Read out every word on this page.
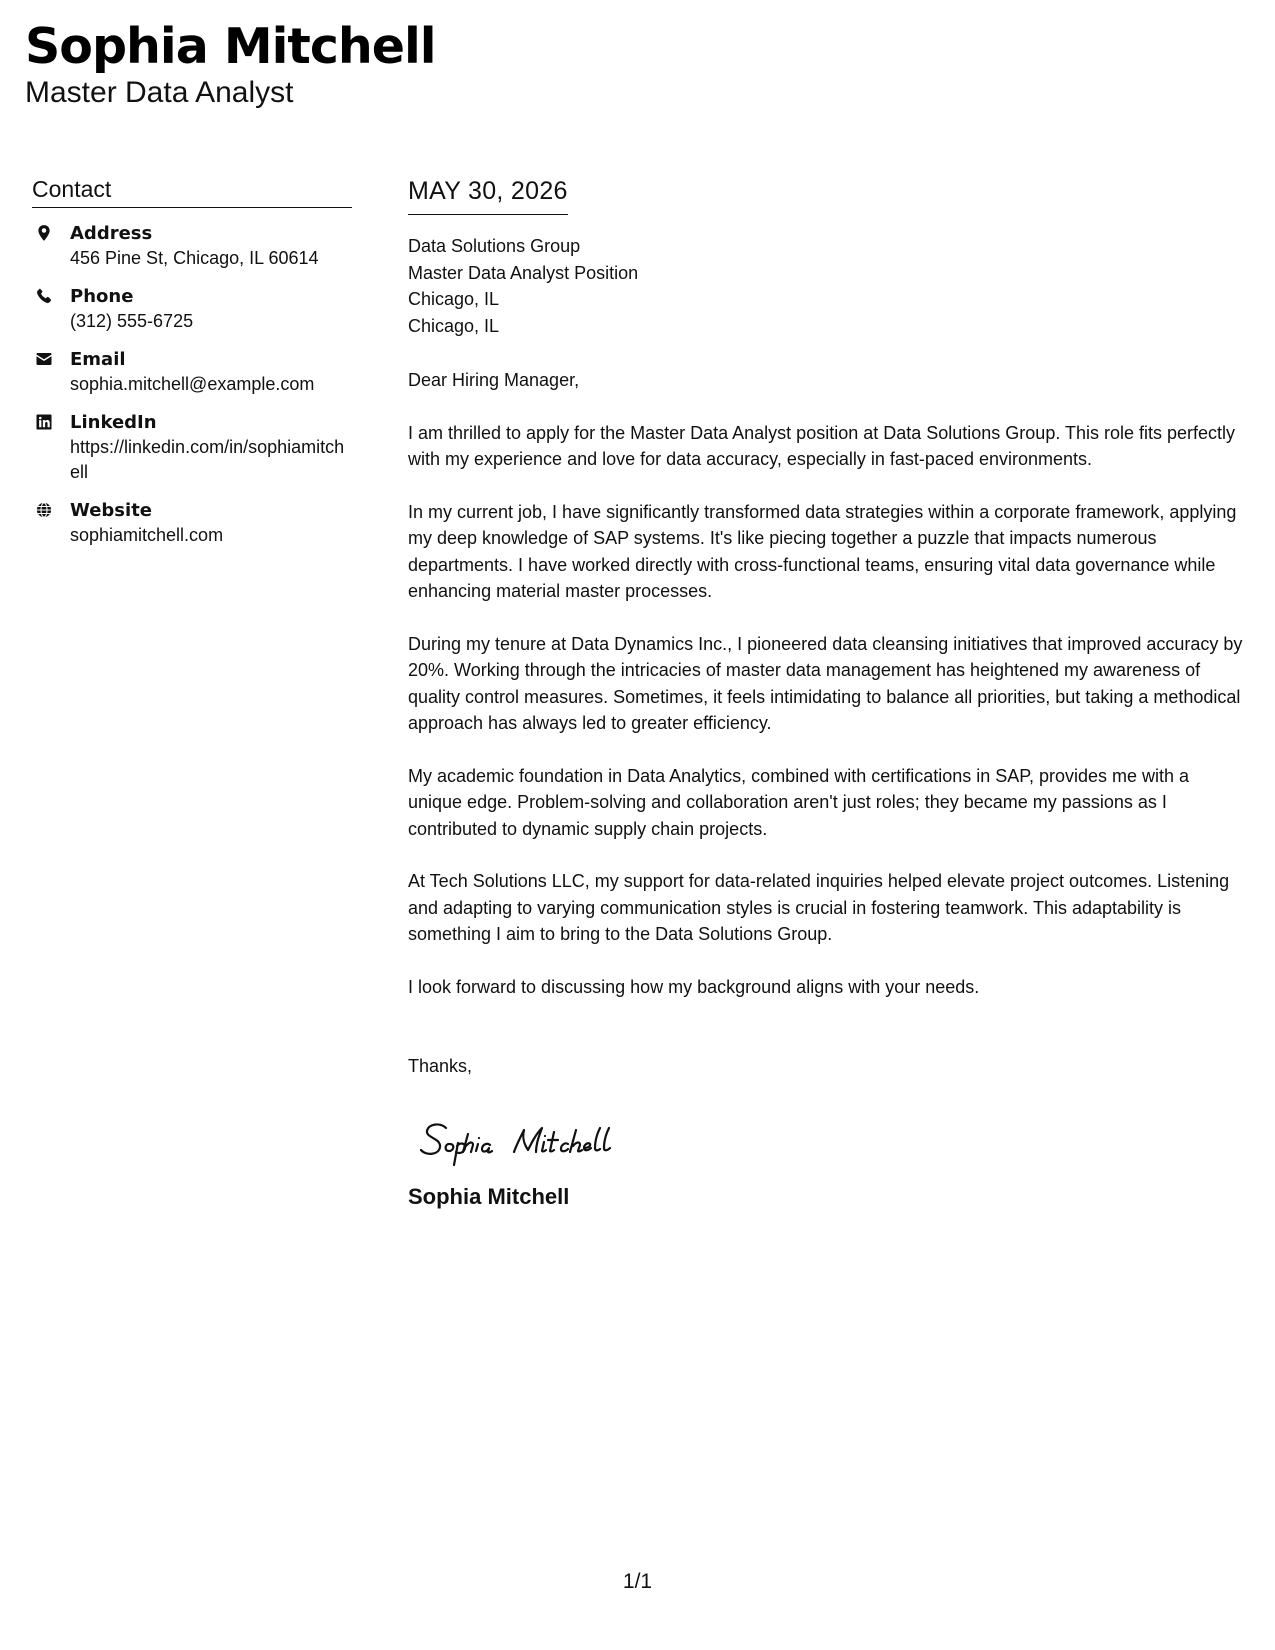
Sophia Mitchell
Master Data Analyst
Contact
Address
456 Pine St, Chicago, IL 60614
Phone
(312) 555-6725
Email
sophia.mitchell@example.com
LinkedIn
https://linkedin.com/in/sophiamitchell
Website
sophiamitchell.com
MAY 30, 2026
Data Solutions Group
Master Data Analyst Position
Chicago, IL
Chicago, IL
Dear Hiring Manager,
I am thrilled to apply for the Master Data Analyst position at Data Solutions Group. This role fits perfectly with my experience and love for data accuracy, especially in fast-paced environments.
In my current job, I have significantly transformed data strategies within a corporate framework, applying my deep knowledge of SAP systems. It's like piecing together a puzzle that impacts numerous departments. I have worked directly with cross-functional teams, ensuring vital data governance while enhancing material master processes.
During my tenure at Data Dynamics Inc., I pioneered data cleansing initiatives that improved accuracy by 20%. Working through the intricacies of master data management has heightened my awareness of quality control measures. Sometimes, it feels intimidating to balance all priorities, but taking a methodical approach has always led to greater efficiency.
My academic foundation in Data Analytics, combined with certifications in SAP, provides me with a unique edge. Problem-solving and collaboration aren't just roles; they became my passions as I contributed to dynamic supply chain projects.
At Tech Solutions LLC, my support for data-related inquiries helped elevate project outcomes. Listening and adapting to varying communication styles is crucial in fostering teamwork. This adaptability is something I aim to bring to the Data Solutions Group.
I look forward to discussing how my background aligns with your needs.
Thanks,
Sophia Mitchell
1/1
